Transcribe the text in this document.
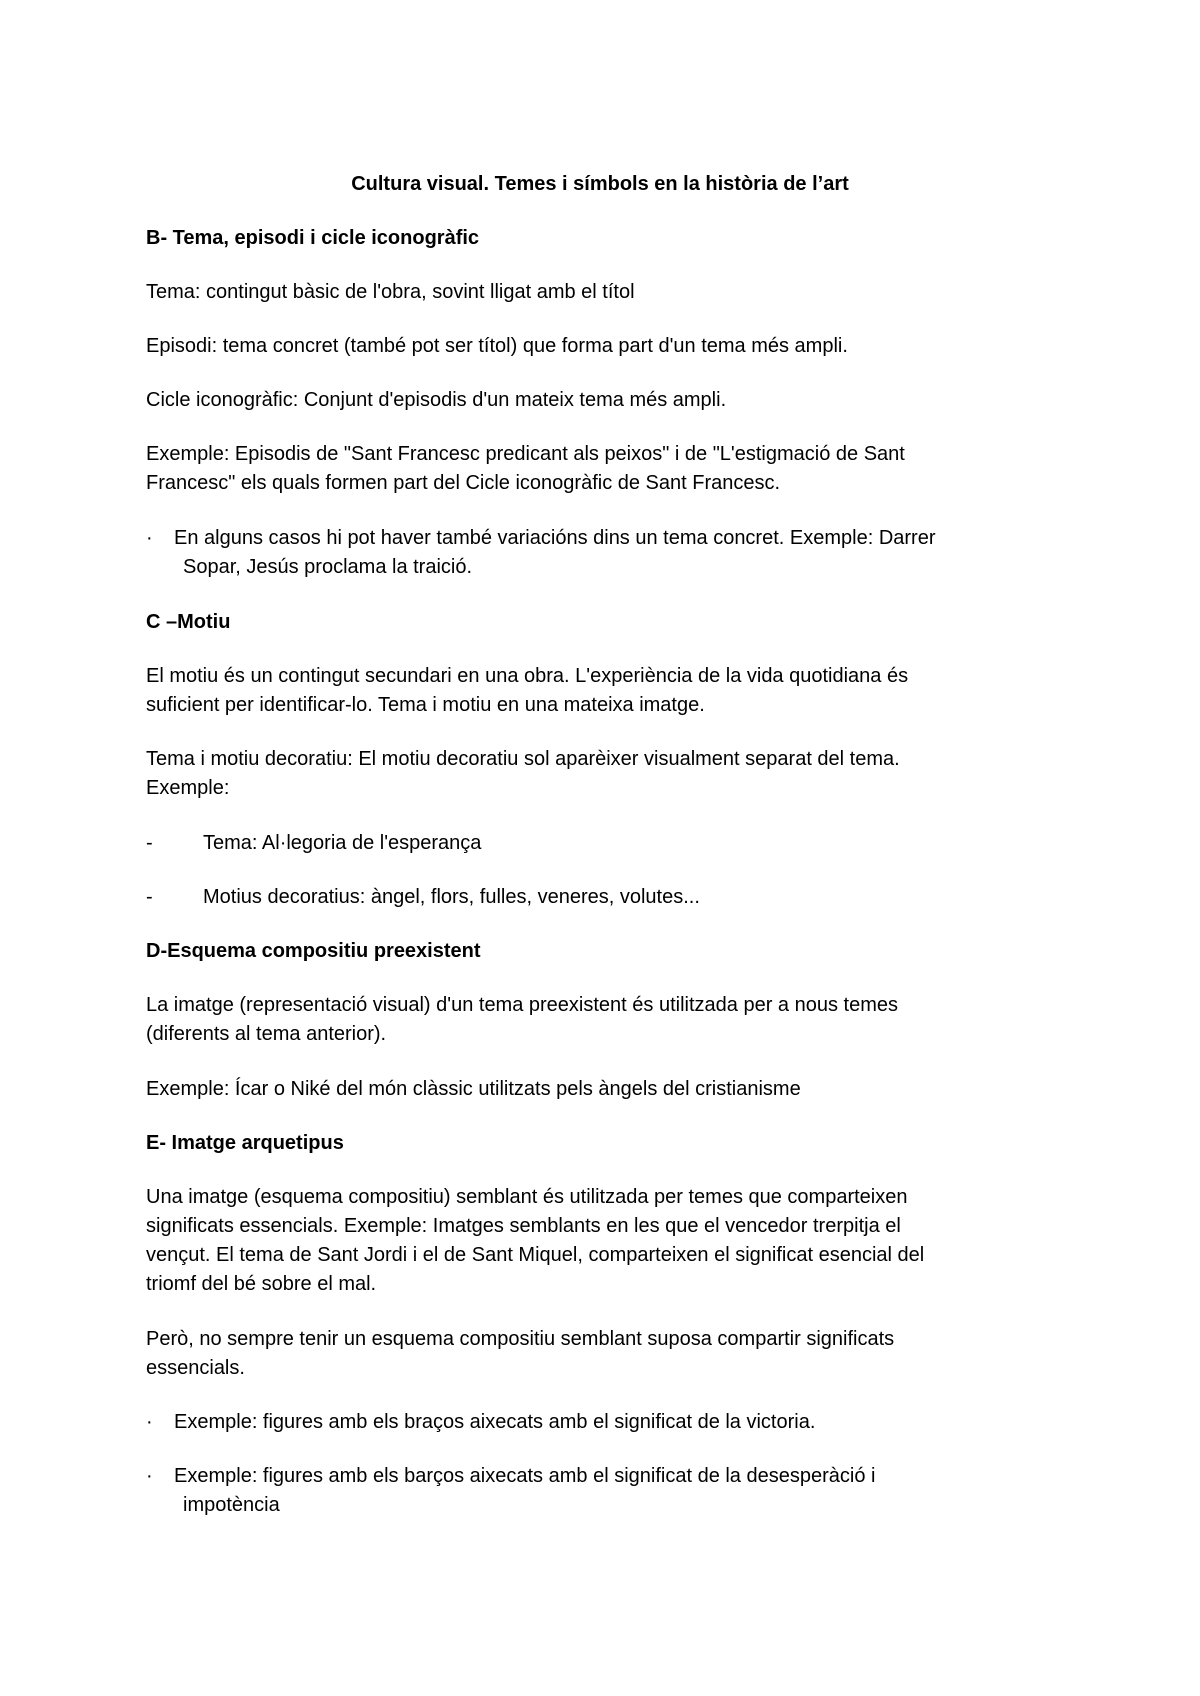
Cultura visual. Temes i símbols en la història de l’art
B- Tema, episodi i cicle iconogràfic
Tema: contingut bàsic de l'obra, sovint lligat amb el títol
Episodi: tema concret (també pot ser títol) que forma part d'un tema més ampli.
Cicle iconogràfic: Conjunt d'episodis d'un mateix tema més ampli.
Exemple: Episodis de "Sant Francesc predicant als peixos" i de "L'estigmació de Sant
Francesc" els quals formen part del Cicle iconogràfic de Sant Francesc.
· En alguns casos hi pot haver també variacións dins un tema concret. Exemple: Darrer
Sopar, Jesús proclama la traició.
C –Motiu
El motiu és un contingut secundari en una obra. L'experiència de la vida quotidiana és
suficient per identificar-lo. Tema i motiu en una mateixa imatge.
Tema i motiu decoratiu: El motiu decoratiu sol aparèixer visualment separat del tema.
Exemple:
-	Tema: Al·legoria de l'esperança
-	Motius decoratius: àngel, flors, fulles, veneres, volutes...
D-Esquema compositiu preexistent
La imatge (representació visual) d'un tema preexistent és utilitzada per a nous temes
(diferents al tema anterior).
Exemple: Ícar o Niké del món clàssic utilitzats pels àngels del cristianisme
E- Imatge arquetipus
Una imatge (esquema compositiu) semblant és utilitzada per temes que comparteixen
significats essencials. Exemple: Imatges semblants en les que el vencedor trerpitja el
vençut. El tema de Sant Jordi i el de Sant Miquel, comparteixen el significat esencial del
triomf del bé sobre el mal.
Però, no sempre tenir un esquema compositiu semblant suposa compartir significats
essencials.
· Exemple: figures amb els braços aixecats amb el significat de la victoria.
· Exemple: figures amb els barços aixecats amb el significat de la desesperàció i
impotència
